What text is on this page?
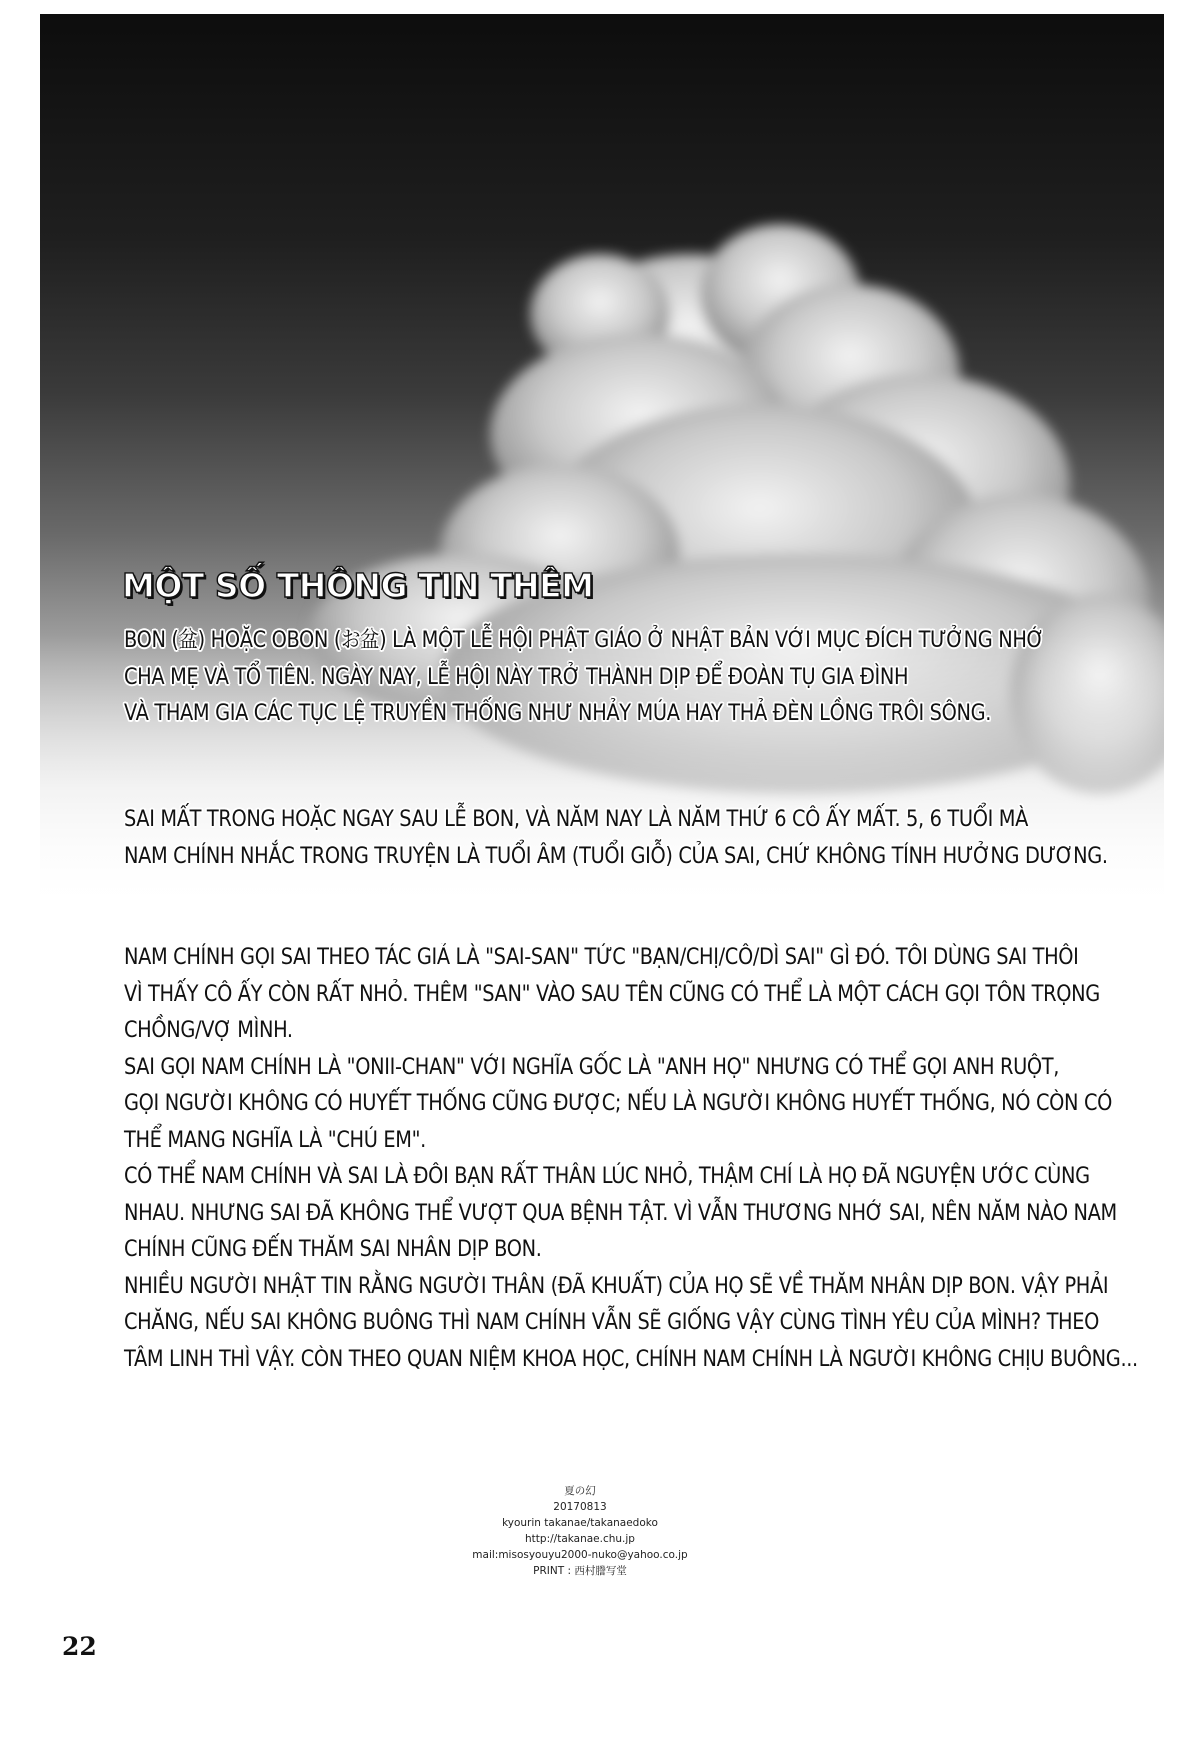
MỘT SỐ THÔNG TIN THÊM
BON (盆) HOẶC OBON (お盆) LÀ MỘT LỄ HỘI PHẬT GIÁO Ở NHẬT BẢN VỚI MỤC ĐÍCH TƯỞNG NHỚ
CHA MẸ VÀ TỔ TIÊN. NGÀY NAY, LỄ HỘI NÀY TRỞ THÀNH DỊP ĐỂ ĐOÀN TỤ GIA ĐÌNH
VÀ THAM GIA CÁC TỤC LỆ TRUYỀN THỐNG NHƯ NHẢY MÚA HAY THẢ ĐÈN LỒNG TRÔI SÔNG.
SAI MẤT TRONG HOẶC NGAY SAU LỄ BON, VÀ NĂM NAY LÀ NĂM THỨ 6 CÔ ẤY MẤT. 5, 6 TUỔI MÀ
NAM CHÍNH NHẮC TRONG TRUYỆN LÀ TUỔI ÂM (TUỔI GIỖ) CỦA SAI, CHỨ KHÔNG TÍNH HƯỞNG DƯƠNG.
NAM CHÍNH GỌI SAI THEO TÁC GIẢ LÀ "SAI-SAN" TỨC "BẠN/CHỊ/CÔ/DÌ SAI" GÌ ĐÓ. TÔI DÙNG SAI THÔI
VÌ THẤY CÔ ẤY CÒN RẤT NHỎ. THÊM "SAN" VÀO SAU TÊN CŨNG CÓ THỂ LÀ MỘT CÁCH GỌI TÔN TRỌNG
CHỒNG/VỢ MÌNH.
SAI GỌI NAM CHÍNH LÀ "ONII-CHAN" VỚI NGHĨA GỐC LÀ "ANH HỌ" NHƯNG CÓ THỂ GỌI ANH RUỘT,
GỌI NGƯỜI KHÔNG CÓ HUYẾT THỐNG CŨNG ĐƯỢC; NẾU LÀ NGƯỜI KHÔNG HUYẾT THỐNG, NÓ CÒN CÓ
THỂ MANG NGHĨA LÀ "CHÚ EM".
CÓ THỂ NAM CHÍNH VÀ SAI LÀ ĐÔI BẠN RẤT THÂN LÚC NHỎ, THẬM CHÍ LÀ HỌ ĐÃ NGUYỆN ƯỚC CÙNG
NHAU. NHƯNG SAI ĐÃ KHÔNG THỂ VƯỢT QUA BỆNH TẬT. VÌ VẪN THƯƠNG NHỚ SAI, NÊN NĂM NÀO NAM
CHÍNH CŨNG ĐẾN THĂM SAI NHÂN DỊP BON.
NHIỀU NGƯỜI NHẬT TIN RẰNG NGƯỜI THÂN (ĐÃ KHUẤT) CỦA HỌ SẼ VỀ THĂM NHÂN DỊP BON. VẬY PHẢI
CHĂNG, NẾU SAI KHÔNG BUÔNG THÌ NAM CHÍNH VẪN SẼ GIỐNG VẬY CÙNG TÌNH YÊU CỦA MÌNH? THEO
TÂM LINH THÌ VẬY. CÒN THEO QUAN NIỆM KHOA HỌC, CHÍNH NAM CHÍNH LÀ NGƯỜI KHÔNG CHỊU BUÔNG...
夏の幻
20170813
kyourin takanae/takanaedoko
http://takanae.chu.jp
mail:misosyouyu2000-nuko@yahoo.co.jp
PRINT : 西村謄写堂

22
